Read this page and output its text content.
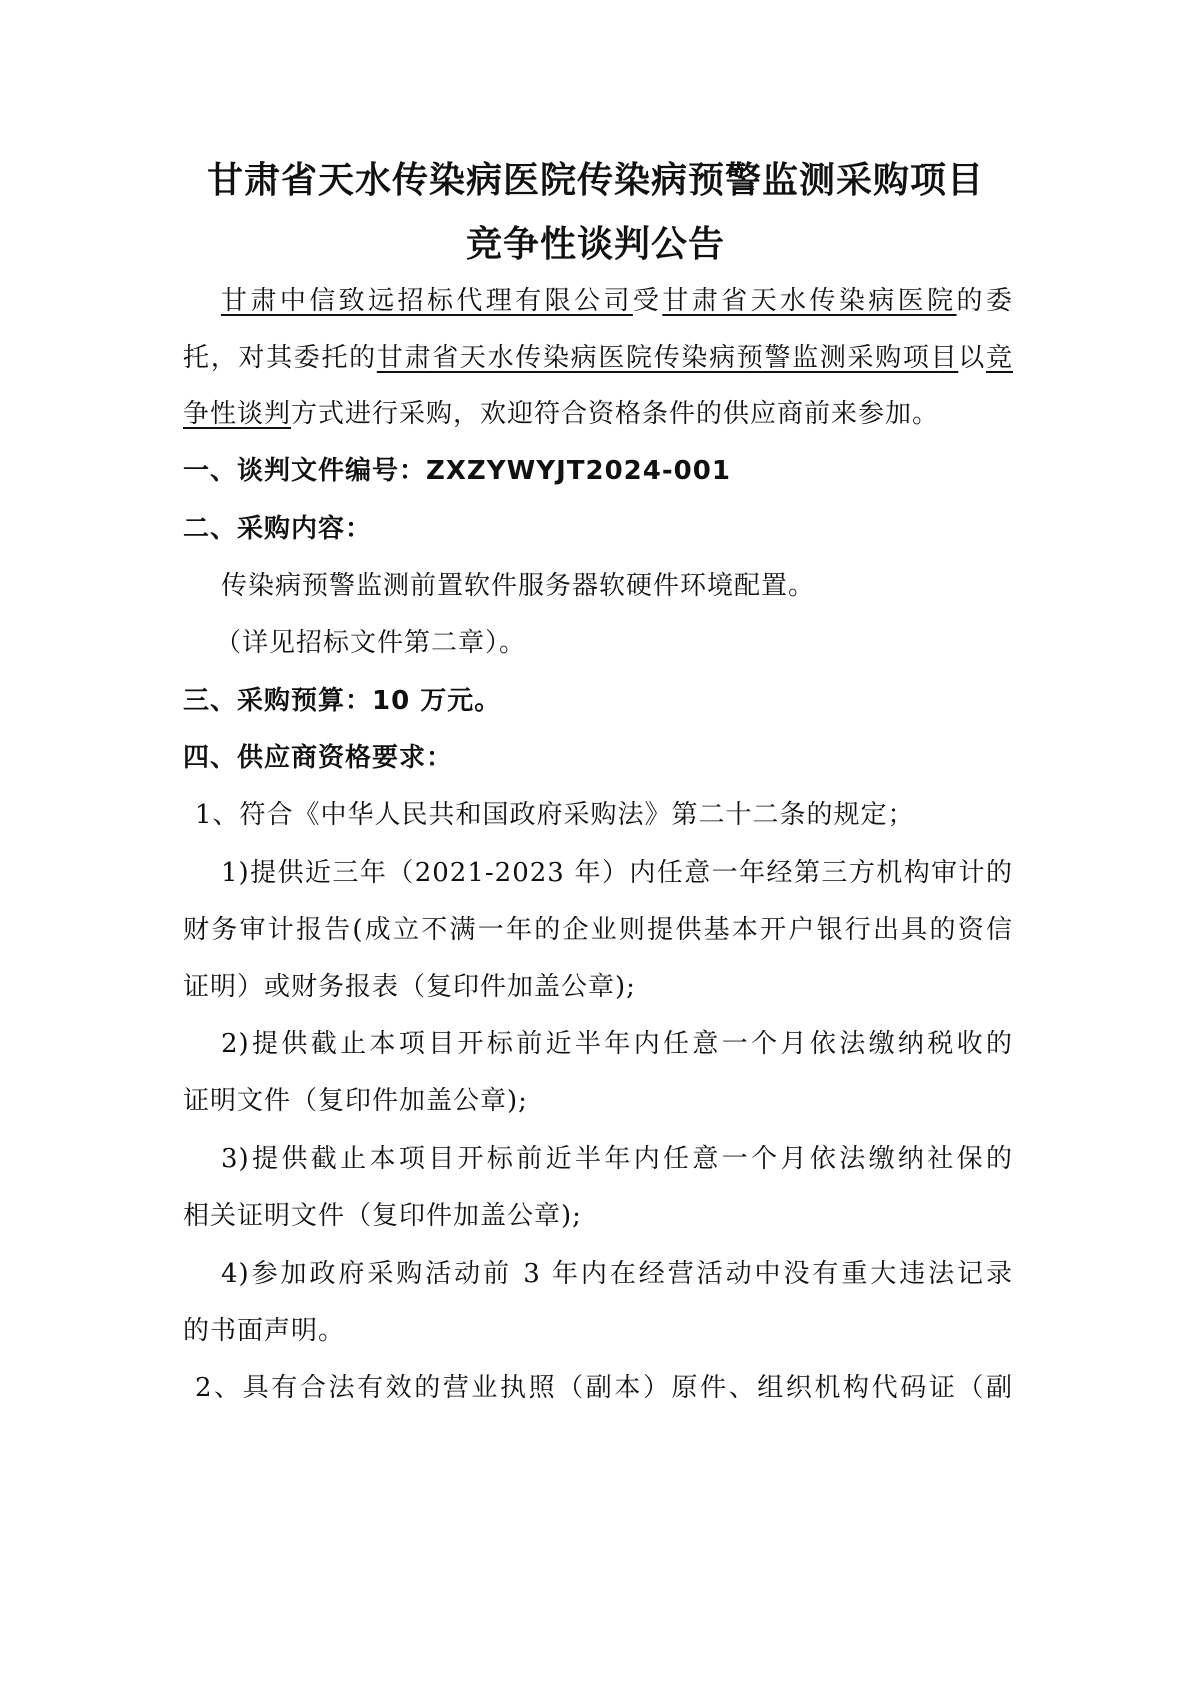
甘肃省天水传染病医院传染病预警监测采购项目
竞争性谈判公告
甘肃中信致远招标代理有限公司受甘肃省天水传染病医院的委
托，对其委托的甘肃省天水传染病医院传染病预警监测采购项目以竞
争性谈判方式进行采购，欢迎符合资格条件的供应商前来参加。
一、谈判文件编号：ZXZYWYJT2024-001
二、采购内容：
传染病预警监测前置软件服务器软硬件环境配置。
（详见招标文件第二章）。
三、采购预算：10 万元。
四、供应商资格要求：
1、符合《中华人民共和国政府采购法》第二十二条的规定；
1)提供近三年（2021-2023 年）内任意一年经第三方机构审计的
财务审计报告(成立不满一年的企业则提供基本开户银行出具的资信
证明）或财务报表（复印件加盖公章);
2)提供截止本项目开标前近半年内任意一个月依法缴纳税收的
证明文件（复印件加盖公章);
3)提供截止本项目开标前近半年内任意一个月依法缴纳社保的
相关证明文件（复印件加盖公章);
4)参加政府采购活动前 3 年内在经营活动中没有重大违法记录
的书面声明。
2、具有合法有效的营业执照（副本）原件、组织机构代码证（副
